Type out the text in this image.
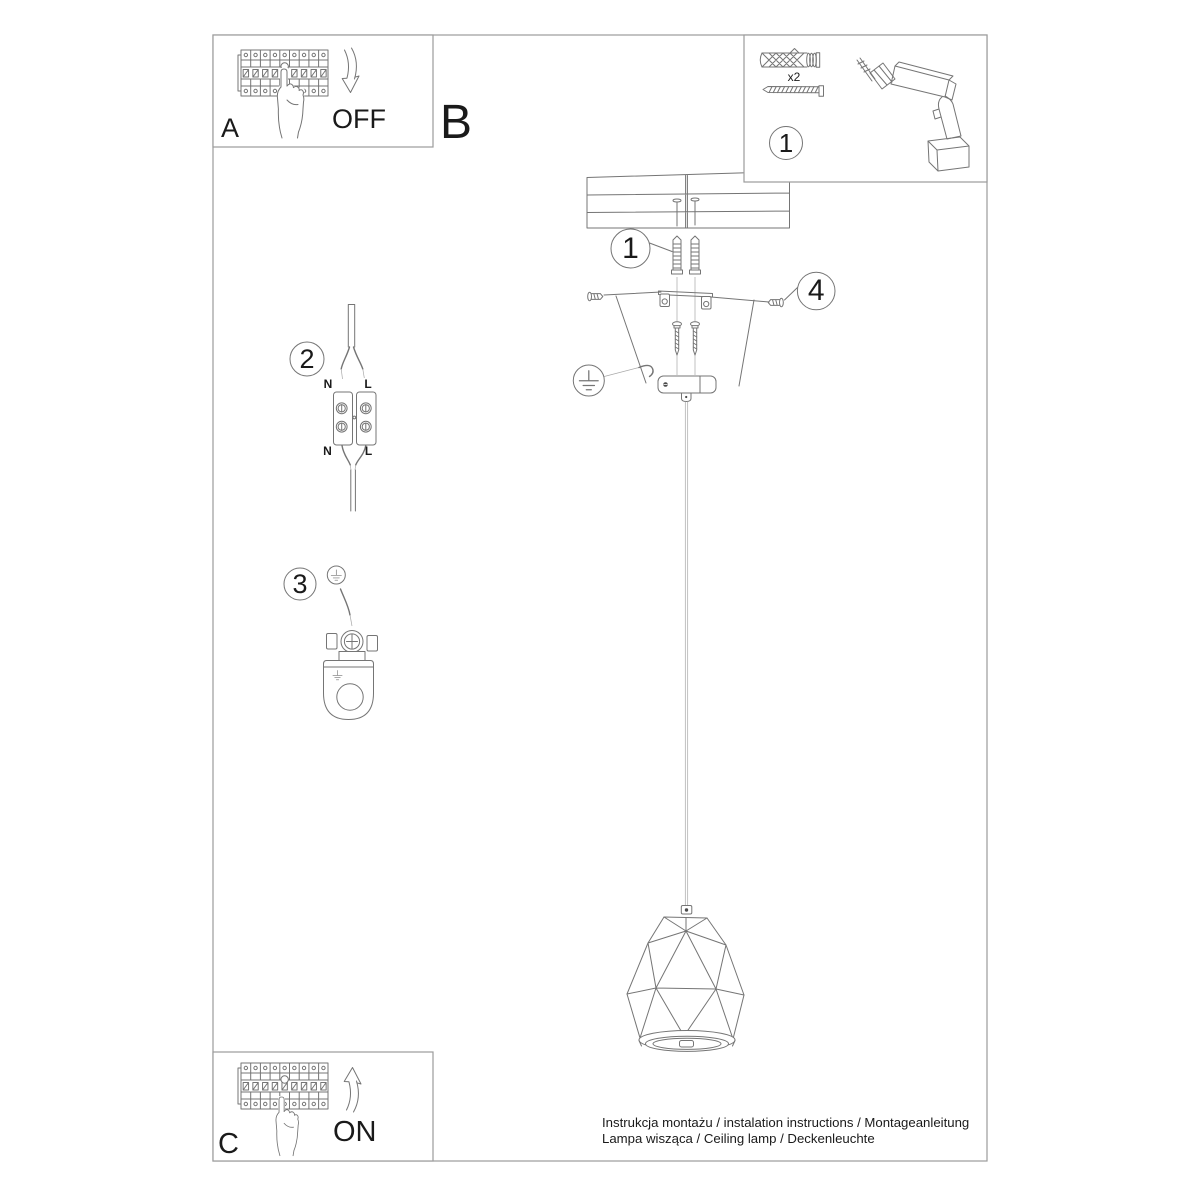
A	OFF B	1
x2
1
4
2
3
N	L
N	L
C	ON	Instrukcja montażu / instalation instructions / Montageanleitung
Lampa wisząca / Ceiling lamp / Deckenleuchte
